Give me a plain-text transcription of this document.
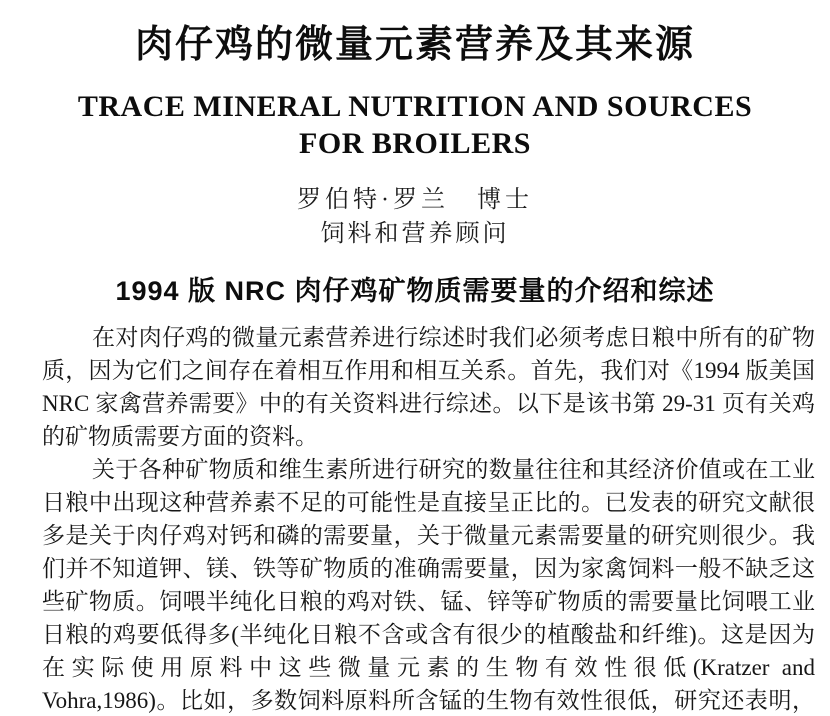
肉仔鸡的微量元素营养及其来源
TRACE MINERAL NUTRITION AND SOURCES
FOR BROILERS
罗伯特·罗兰　博士
饲料和营养顾问
1994 版 NRC 肉仔鸡矿物质需要量的介绍和综述

在对肉仔鸡的微量元素营养进行综述时我们必须考虑日粮中所有的矿物

质，因为它们之间存在着相互作用和相互关系。首先，我们对《1994 版美国

NRC 家禽营养需要》中的有关资料进行综述。以下是该书第 29-31 页有关鸡

的矿物质需要方面的资料。

关于各种矿物质和维生素所进行研究的数量往往和其经济价值或在工业

日粮中出现这种营养素不足的可能性是直接呈正比的。已发表的研究文献很

多是关于肉仔鸡对钙和磷的需要量，关于微量元素需要量的研究则很少。我

们并不知道钾、镁、铁等矿物质的准确需要量，因为家禽饲料一般不缺乏这

些矿物质。饲喂半纯化日粮的鸡对铁、锰、锌等矿物质的需要量比饲喂工业

日粮的鸡要低得多(半纯化日粮不含或含有很少的植酸盐和纤维)。这是因为

在实际使用原料中这些微量元素的生物有效性很低(Kratzer and

Vohra,1986)。比如，多数饲料原料所含锰的生物有效性很低，研究还表明，
